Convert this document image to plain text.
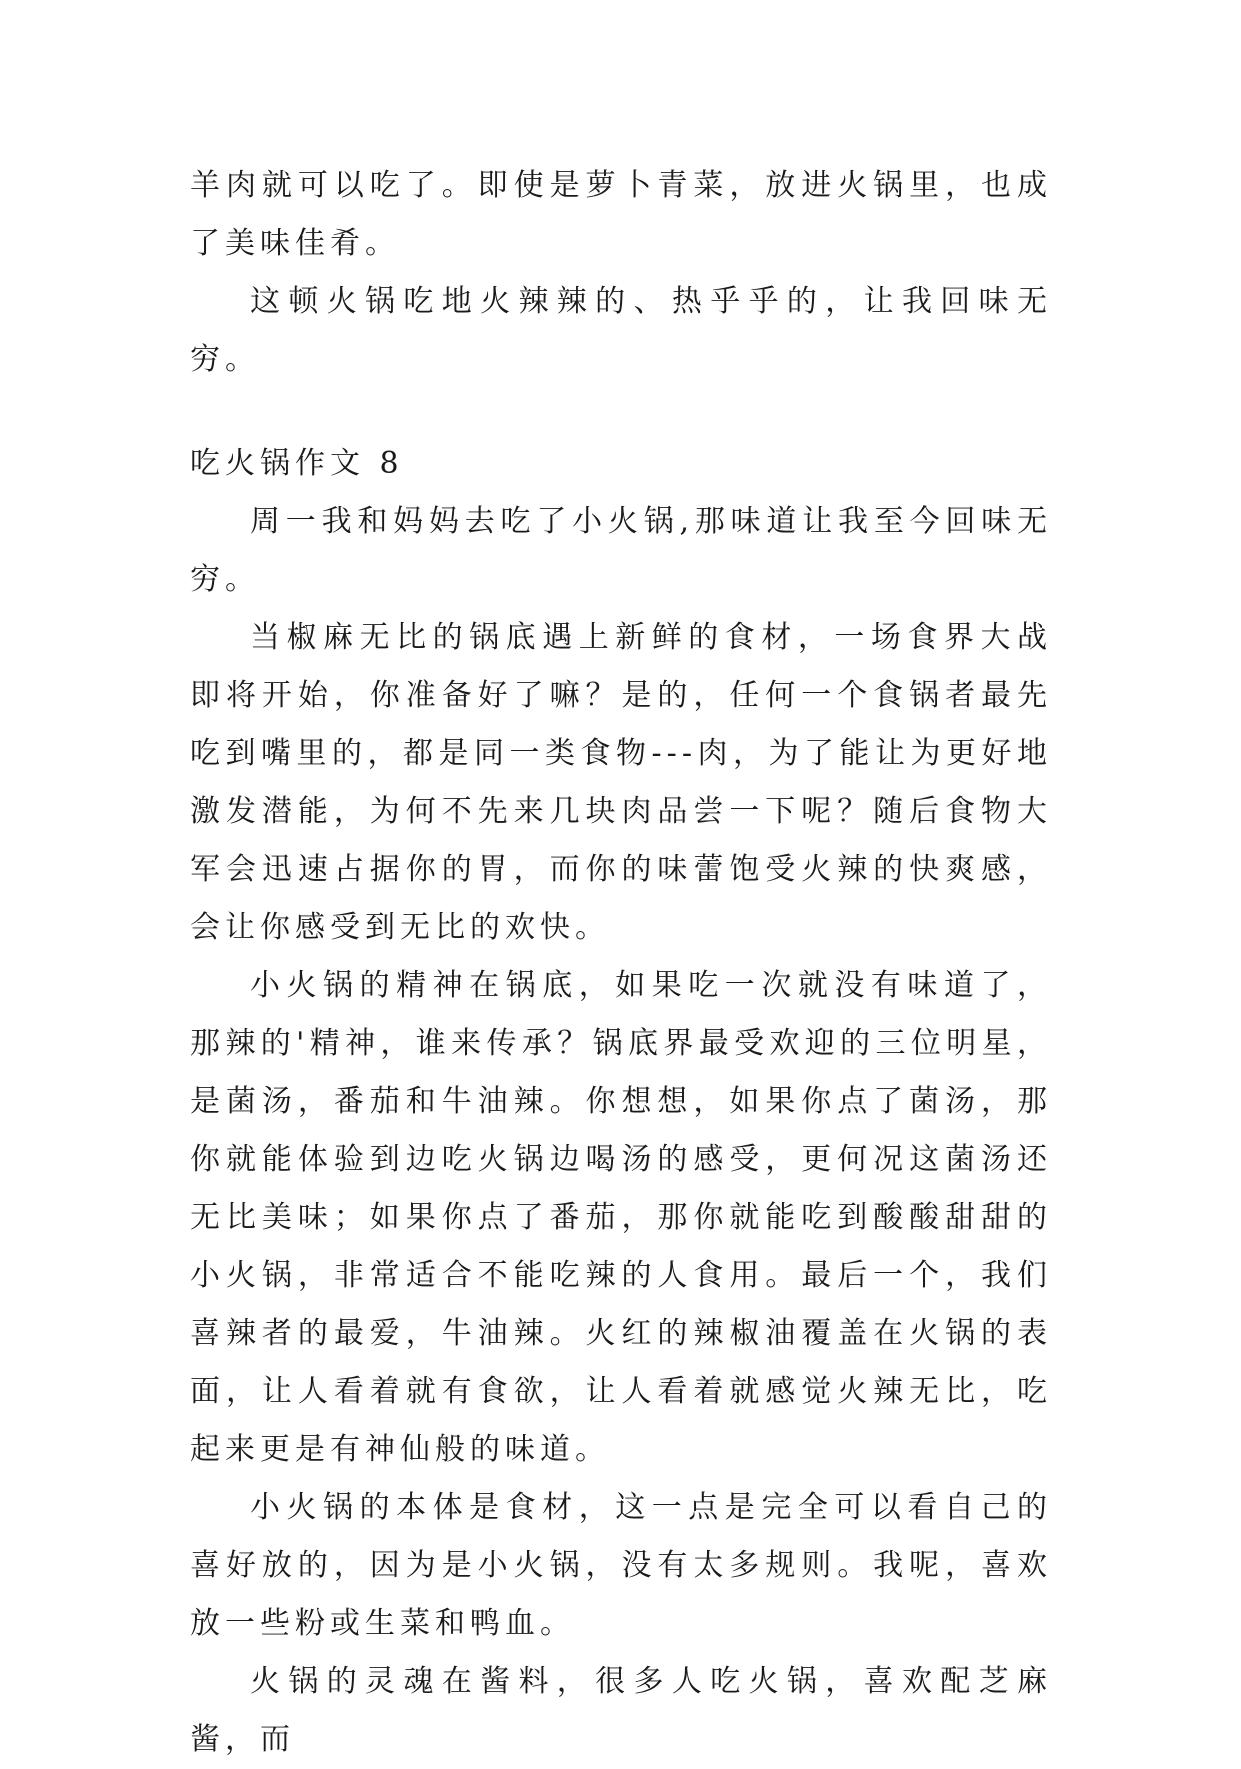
羊肉就可以吃了。即使是萝卜青菜，放进火锅里，也成了美味佳肴。

这顿火锅吃地火辣辣的、热乎乎的，让我回味无穷。

吃火锅作文 8

周一我和妈妈去吃了小火锅,那味道让我至今回味无穷。

当椒麻无比的锅底遇上新鲜的食材，一场食界大战即将开始，你准备好了嘛？是的，任何一个食锅者最先吃到嘴里的，都是同一类食物---肉，为了能让为更好地激发潜能，为何不先来几块肉品尝一下呢？随后食物大军会迅速占据你的胃，而你的味蕾饱受火辣的快爽感，会让你感受到无比的欢快。

小火锅的精神在锅底，如果吃一次就没有味道了，那辣的'精神，谁来传承？锅底界最受欢迎的三位明星，是菌汤，番茄和牛油辣。你想想，如果你点了菌汤，那你就能体验到边吃火锅边喝汤的感受，更何况这菌汤还无比美味；如果你点了番茄，那你就能吃到酸酸甜甜的小火锅，非常适合不能吃辣的人食用。最后一个，我们喜辣者的最爱，牛油辣。火红的辣椒油覆盖在火锅的表面，让人看着就有食欲，让人看着就感觉火辣无比，吃起来更是有神仙般的味道。

小火锅的本体是食材，这一点是完全可以看自己的喜好放的，因为是小火锅，没有太多规则。我呢，喜欢放一些粉或生菜和鸭血。

火锅的灵魂在酱料，很多人吃火锅，喜欢配芝麻酱，而
